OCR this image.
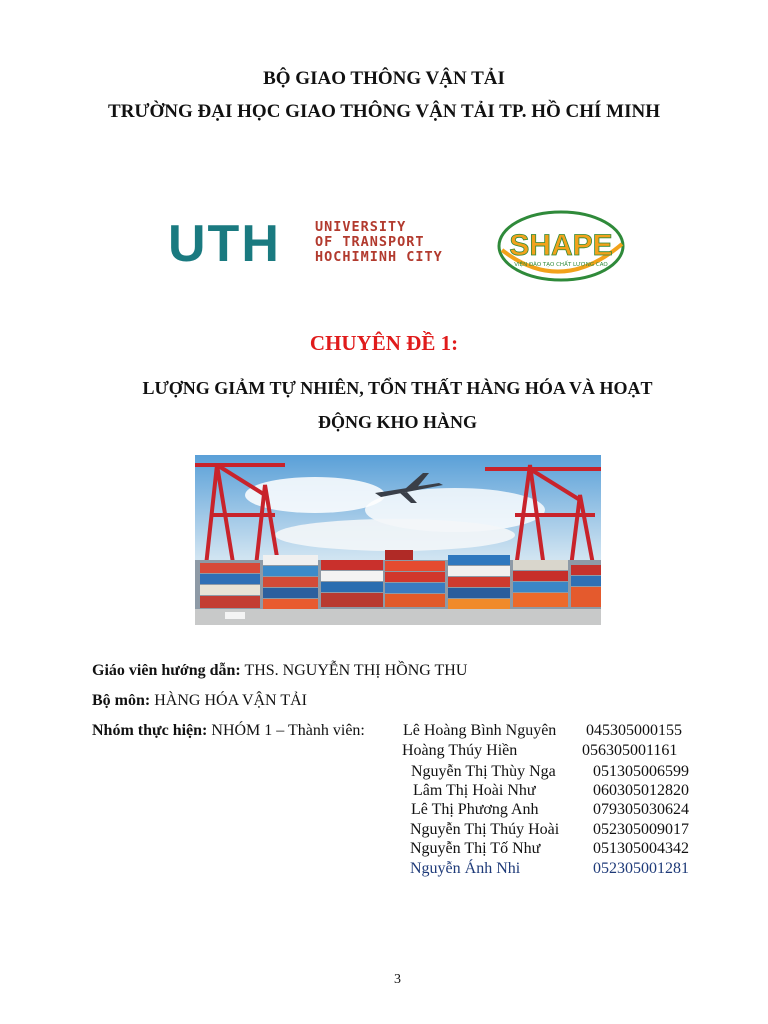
BỘ GIAO THÔNG VẬN TẢI
TRƯỜNG ĐẠI HỌC GIAO THÔNG VẬN TẢI TP. HỒ CHÍ MINH
UTH	UNIVERSITY
OF TRANSPORT
HOCHIMINH CITY SHAPE
VIỆN ĐÀO TẠO CHẤT LƯỢNG CAO
CHUYÊN ĐỀ 1:
LƯỢNG GIẢM TỰ NHIÊN, TỔN THẤT HÀNG HÓA VÀ HOẠT
ĐỘNG KHO HÀNG
Giáo viên hướng dẫn: THS. NGUYỄN THỊ HỒNG THU
Bộ môn: HÀNG HÓA VẬN TẢI
Nhóm thực hiện: NHÓM 1 – Thành viên: Lê Hoàng Bình Nguyên 045305000155
Hoàng Thúy Hiền	056305001161
Nguyễn Thị Thùy Nga 051305006599
Lâm Thị Hoài Như	060305012820
Lê Thị Phương Anh	079305030624
Nguyễn Thị Thúy Hoài 052305009017
Nguyễn Thị Tố Như	051305004342
Nguyễn Ánh Nhi	052305001281
3
